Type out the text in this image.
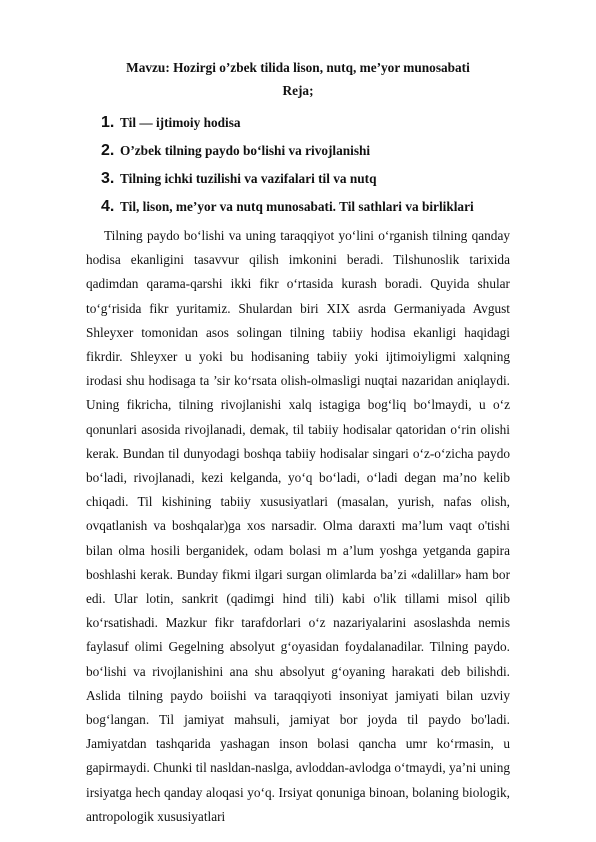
Mavzu: Hozirgi o’zbek tilida lison, nutq, me’yor munosabati
Reja;
1. Til — ijtimoiy hodisa
2. O’zbek tilning paydo bo‘lishi va rivojlanishi
3. Tilning ichki tuzilishi va vazifalari til va nutq
4. Til, lison, me’yor va nutq munosabati. Til sathlari va birliklari

Tilning paydo bo‘lishi va uning taraqqiyot yo‘lini o‘rganish tilning qanday hodisa ekanligini tasavvur qilish imkonini beradi. Tilshunoslik tarixida qadimdan qarama-qarshi ikki fikr o‘rtasida kurash boradi. Quyida shular to‘g‘risida fikr yuritamiz. Shulardan biri XIX asrda Germaniyada Avgust Shleyxer tomonidan asos solingan tilning tabiiy hodisa ekanligi haqidagi fikrdir. Shleyxer u yoki bu hodisaning tabiiy yoki ijtimoiyligmi xalqning irodasi shu hodisaga ta ’sir ko‘rsata olish-olmasligi nuqtai nazaridan aniqlaydi. Uning fikricha, tilning rivojlanishi xalq istagiga bog‘liq bo‘lmaydi, u o‘z qonunlari asosida rivojlanadi, demak, til tabiiy hodisalar qatoridan o‘rin olishi kerak. Bundan til dunyodagi boshqa tabiiy hodisalar singari o‘z-o‘zicha paydo bo‘ladi, rivojlanadi, kezi kelganda, yo‘q bo‘ladi, o‘ladi degan ma’no kelib chiqadi. Til kishining tabiiy xususiyatlari (masalan, yurish, nafas olish, ovqatlanish va boshqalar)ga xos narsadir. Olma daraxti ma’lum vaqt o'tishi bilan olma hosili berganidek, odam bolasi m a’lum yoshga yetganda gapira boshlashi kerak. Bunday fikmi ilgari surgan olimlarda ba’zi «dalillar» ham bor edi. Ular lotin, sankrit (qadimgi hind tili) kabi o'lik tillami misol qilib ko‘rsatishadi. Mazkur fikr tarafdorlari o‘z nazariyalarini asoslashda nemis faylasuf olimi Gegelning absolyut g‘oyasidan foydalanadilar. Tilning paydo. bo‘lishi va rivojlanishini ana shu absolyut g‘oyaning harakati deb bilishdi. Aslida tilning paydo boiishi va taraqqiyoti insoniyat jamiyati bilan uzviy bog‘langan. Til jamiyat mahsuli, jamiyat bor joyda til paydo bo'ladi. Jamiyatdan tashqarida yashagan inson bolasi qancha umr ko‘rmasin, u gapirmaydi. Chunki til nasldan-naslga, avloddan-avlodga o‘tmaydi, ya’ni uning irsiyatga hech qanday aloqasi yo‘q. Irsiyat qonuniga binoan, bolaning biologik, antropologik xususiyatlari
